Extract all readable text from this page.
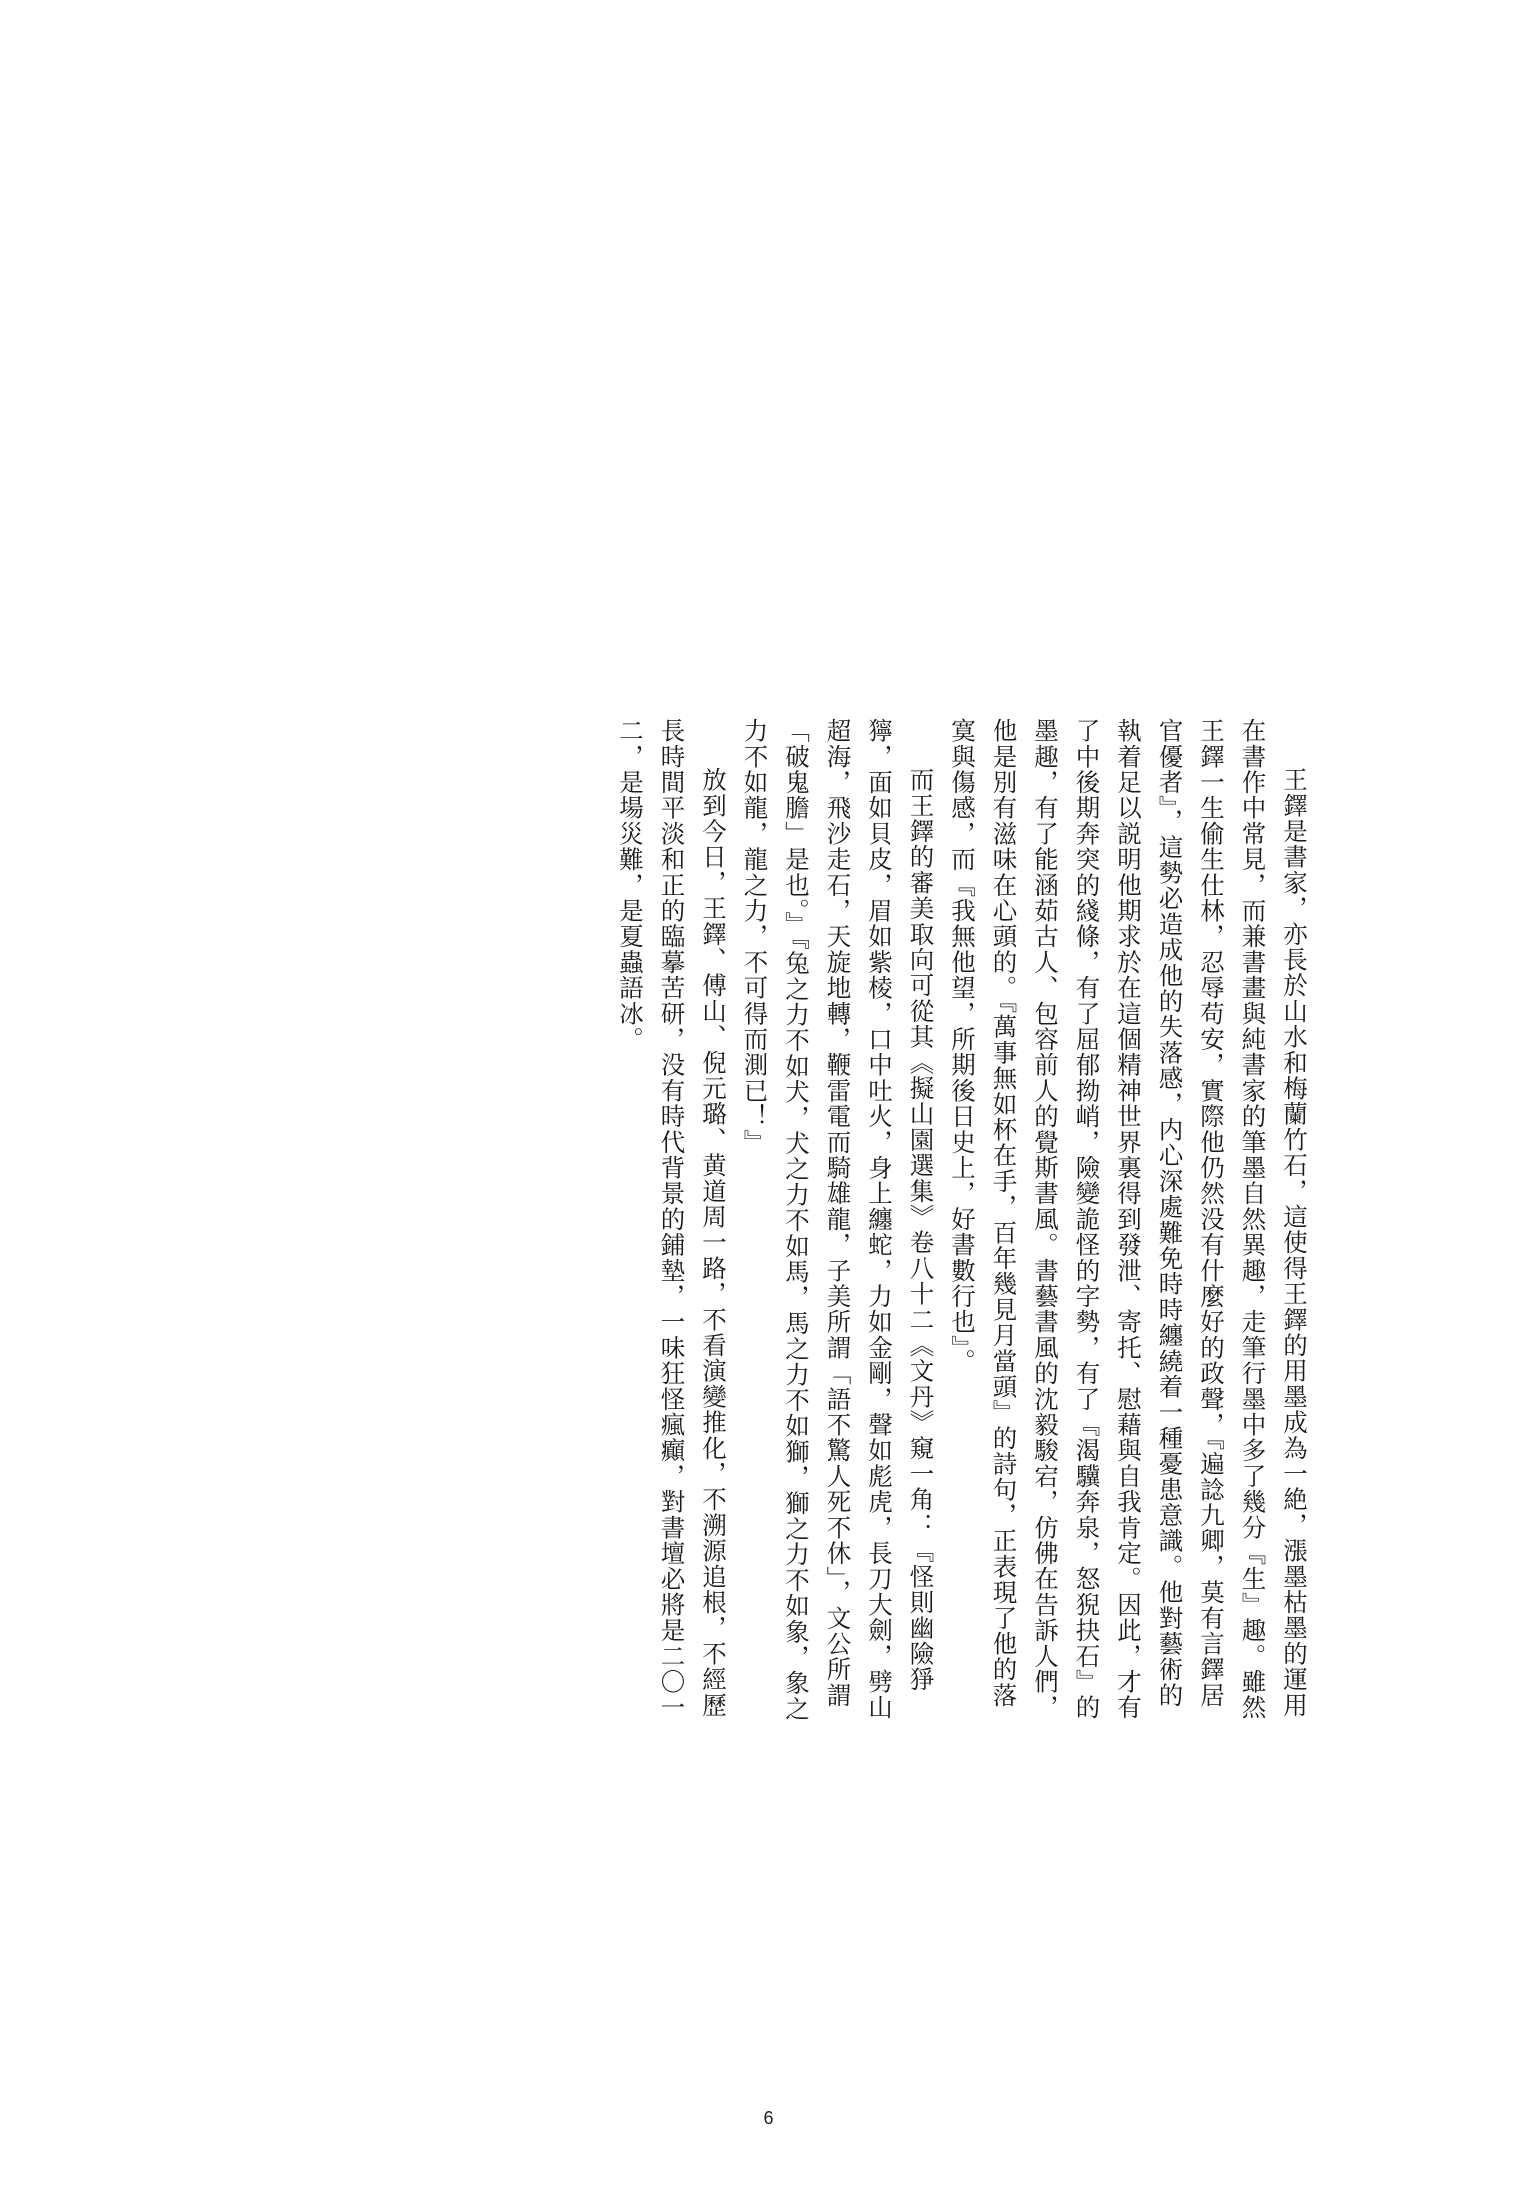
王鐸是書家，亦長於山水和梅蘭竹石，這使得王鐸的用墨成為一絶，漲墨枯墨的運用在書作中常見，而兼書畫與純書家的筆墨自然異趣，走筆行墨中多了幾分『生』趣。雖然王鐸一生偷生仕林，忍辱苟安，實際他仍然没有什麼好的政聲，『遍諗九卿，莫有言鐸居官優者』，這勢必造成他的失落感，内心深處難免時時纏繞着一種憂患意識。他對藝術的執着足以説明他期求於在這個精神世界裏得到發泄、寄托、慰藉與自我肯定。因此，才有了中後期奔突的綫條，有了屈郁拗峭，險變詭怪的字勢，有了『渴驥奔泉，怒猊抉石』的墨趣，有了能涵茹古人、包容前人的覺斯書風。書藝書風的沈毅駿宕，仿佛在告訴人們，他是別有滋味在心頭的。『萬事無如杯在手，百年幾見月當頭』的詩句，正表現了他的落寞與傷感，而『我無他望，所期後日史上，好書數行也』。

而王鐸的審美取向可從其《擬山園選集》卷八十二《文丹》窺一角：『怪則幽險猙獰，面如貝皮，眉如紫棱，口中吐火，身上纏蛇，力如金剛，聲如彪虎，長刀大劍，劈山超海，飛沙走石，天旋地轉，鞭雷電而騎雄龍，子美所謂「語不驚人死不休」，文公所謂「破鬼膽」是也。』『兔之力不如犬，犬之力不如馬，馬之力不如獅，獅之力不如象，象之力不如龍，龍之力，不可得而測已！』

放到今日，王鐸、傅山、倪元璐、黄道周一路，不看演變推化，不溯源追根，不經歷長時間平淡和正的臨摹苦研，没有時代背景的鋪墊，一味狂怪瘋癲，對書壇必將是二〇一二，是場災難，是夏蟲語冰。

6
